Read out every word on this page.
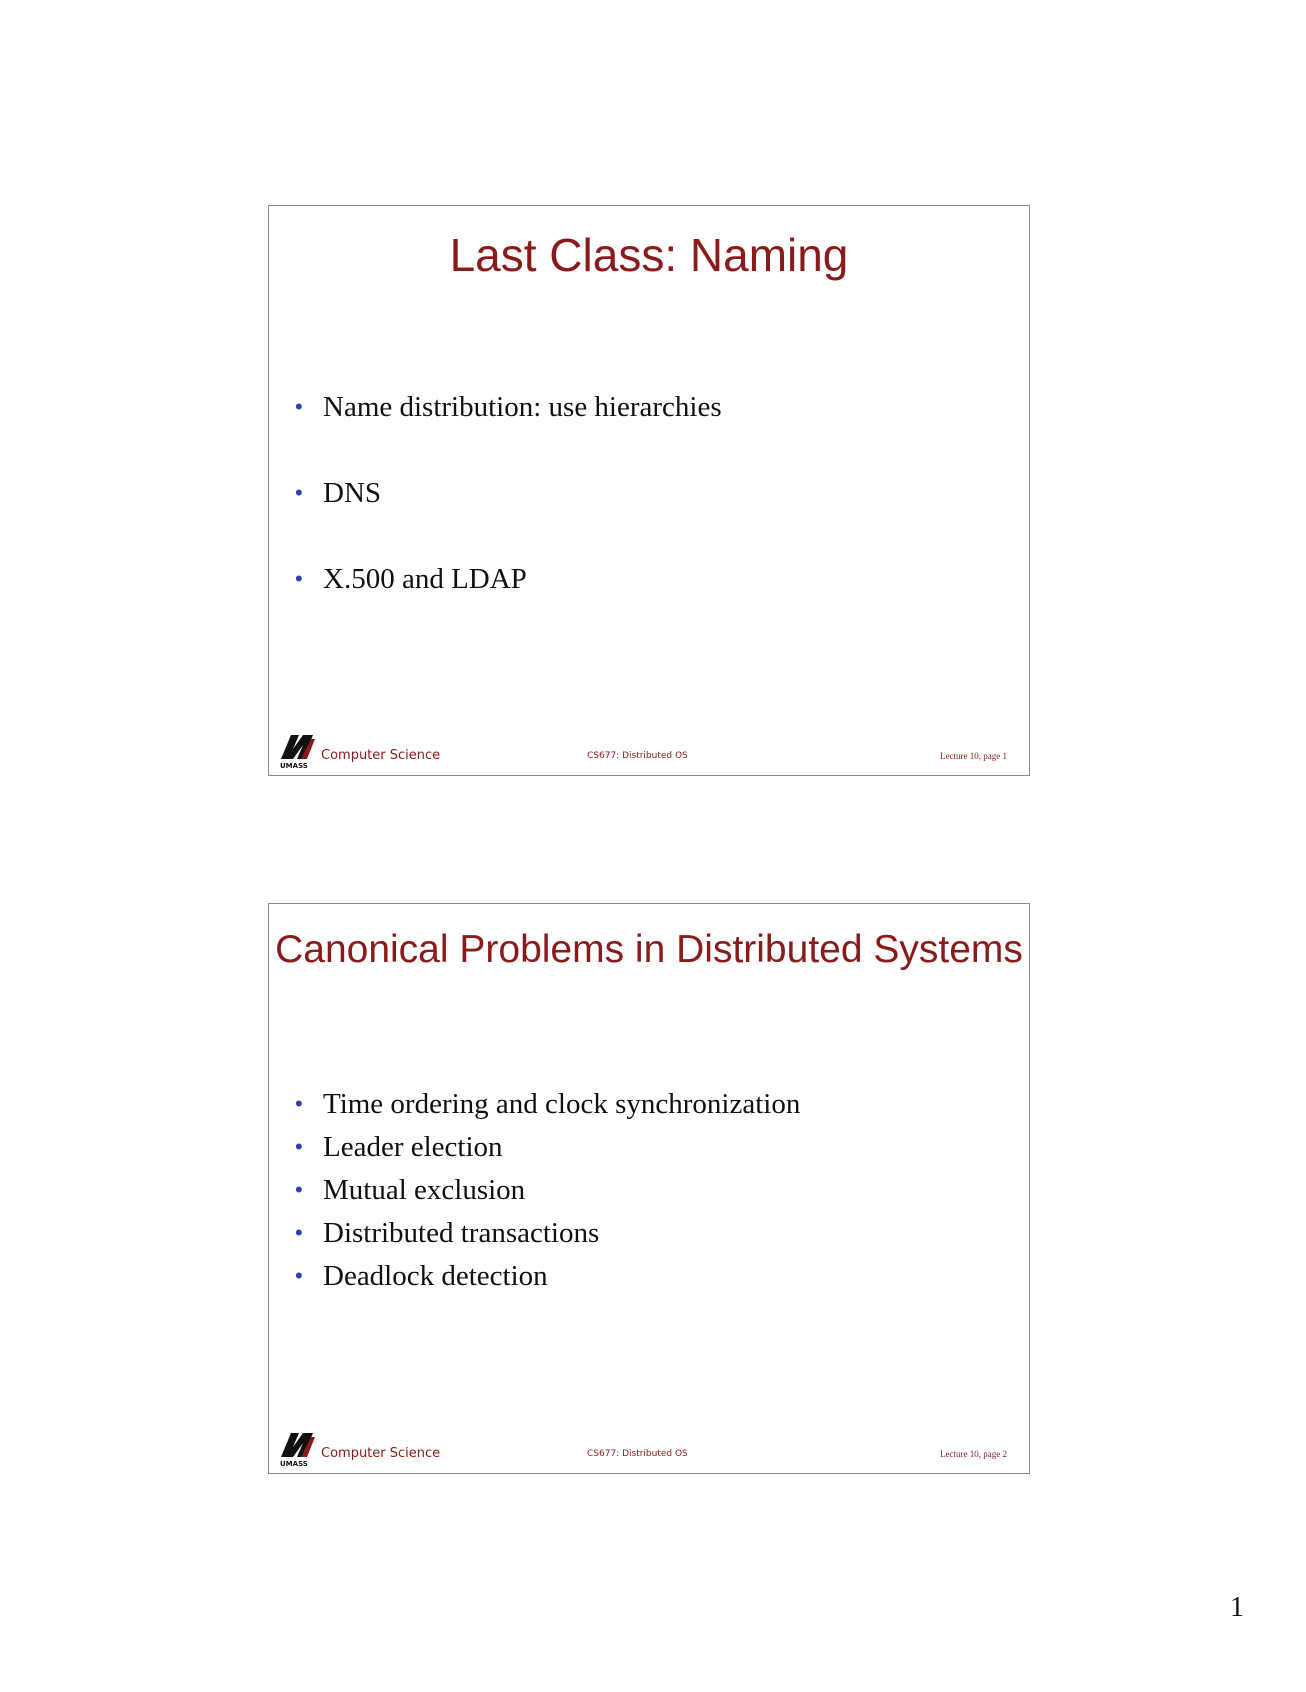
Last Class: Naming
• Name distribution: use hierarchies
• DNS
• X.500 and LDAP
UMASS
Computer Science	CS677: Distributed OS	Lecture 10, page 1
Canonical Problems in Distributed Systems
• Time ordering and clock synchronization
• Leader election
• Mutual exclusion
• Distributed transactions
• Deadlock detection
UMASS
Computer Science	CS677: Distributed OS	Lecture 10, page 2
1
